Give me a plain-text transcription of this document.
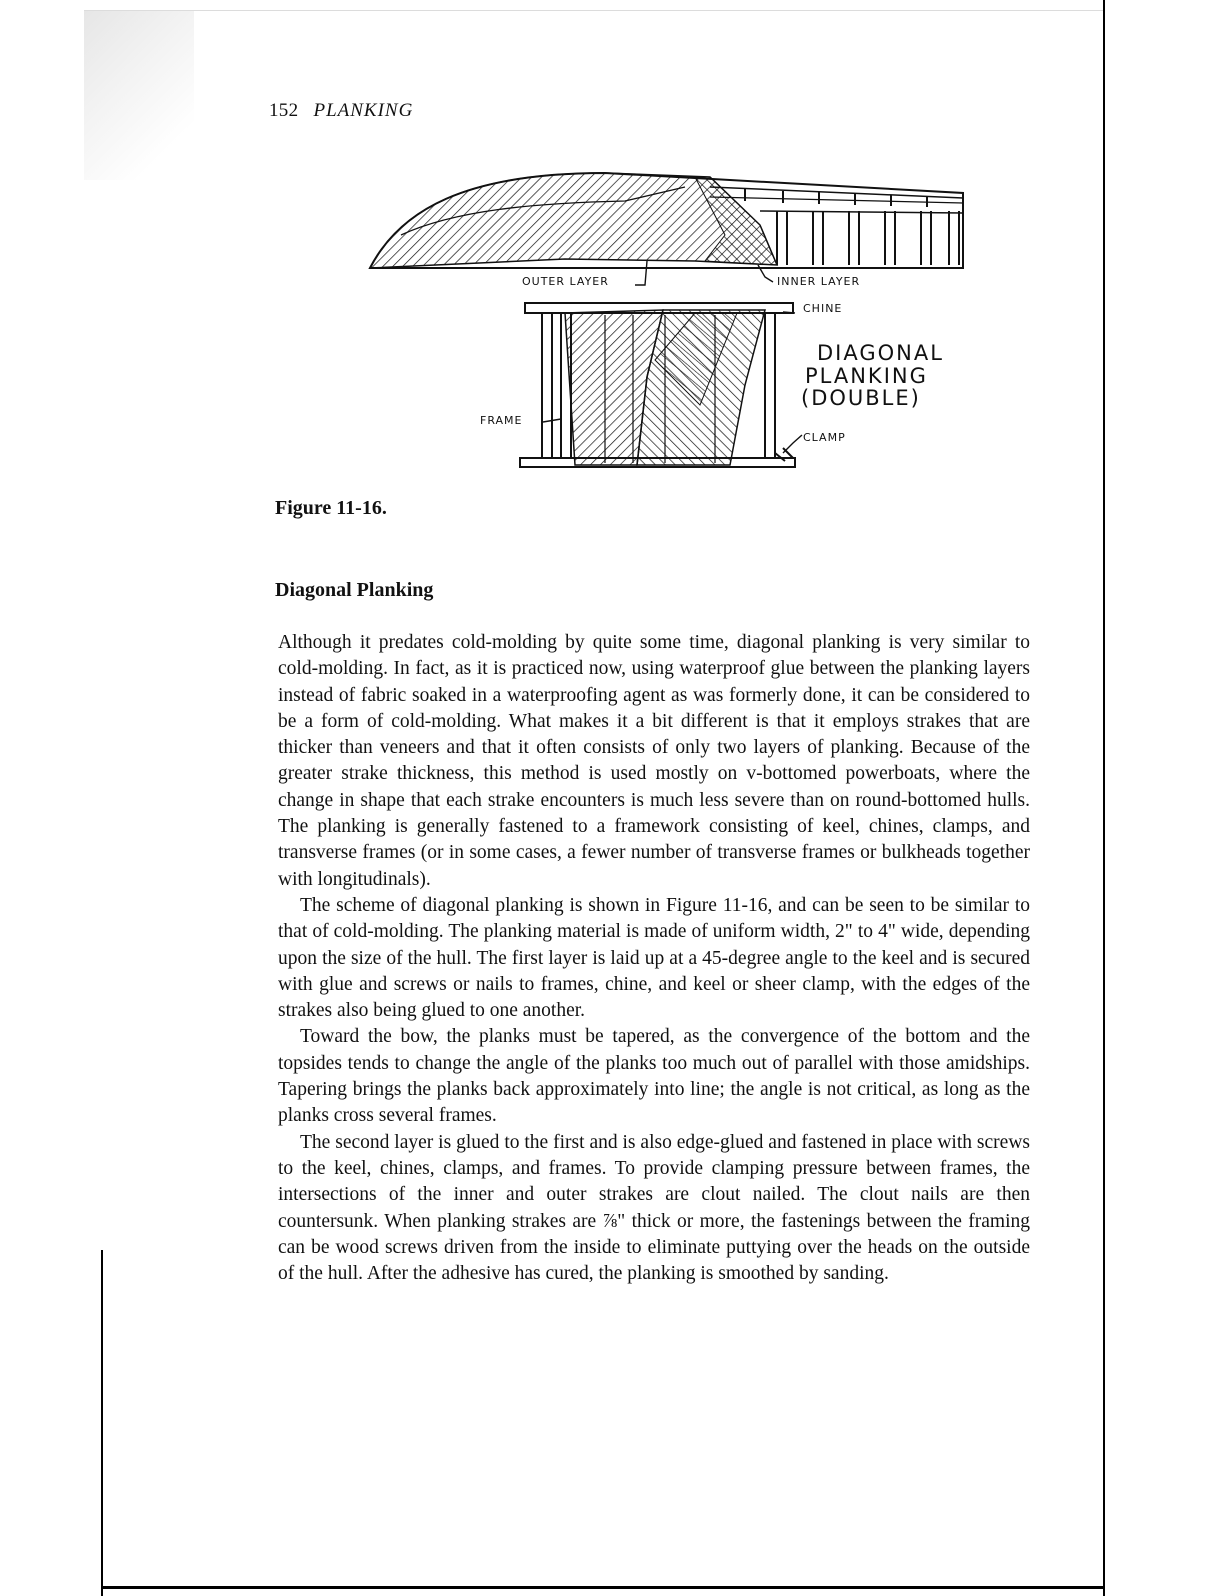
152 PLANKING
OUTER LAYER	INNER LAYER
CHINE
FRAME
CLAMP
DIAGONAL
PLANKING
(DOUBLE)
Figure 11-16.
Diagonal Planking

Although it predates cold-molding by quite some time, diagonal planking is very similar to cold-molding. In fact, as it is practiced now, using waterproof glue between the planking layers instead of fabric soaked in a waterproofing agent as was formerly done, it can be considered to be a form of cold-molding. What makes it a bit different is that it employs strakes that are thicker than veneers and that it often consists of only two layers of planking. Because of the greater strake thickness, this method is used mostly on v-bottomed powerboats, where the change in shape that each strake encounters is much less severe than on round-bottomed hulls. The planking is generally fastened to a framework consisting of keel, chines, clamps, and transverse frames (or in some cases, a fewer number of transverse frames or bulkheads together with longitudinals).

The scheme of diagonal planking is shown in Figure 11-16, and can be seen to be similar to that of cold-molding. The planking material is made of uniform width, 2" to 4" wide, depending upon the size of the hull. The first layer is laid up at a 45-degree angle to the keel and is secured with glue and screws or nails to frames, chine, and keel or sheer clamp, with the edges of the strakes also being glued to one another.

Toward the bow, the planks must be tapered, as the convergence of the bottom and the topsides tends to change the angle of the planks too much out of parallel with those amidships. Tapering brings the planks back approximately into line; the angle is not critical, as long as the planks cross several frames.

The second layer is glued to the first and is also edge-glued and fastened in place with screws to the keel, chines, clamps, and frames. To provide clamping pressure between frames, the intersections of the inner and outer strakes are clout nailed. The clout nails are then countersunk. When planking strakes are ⅞" thick or more, the fastenings between the framing can be wood screws driven from the inside to eliminate puttying over the heads on the outside of the hull. After the adhesive has cured, the planking is smoothed by sanding.
